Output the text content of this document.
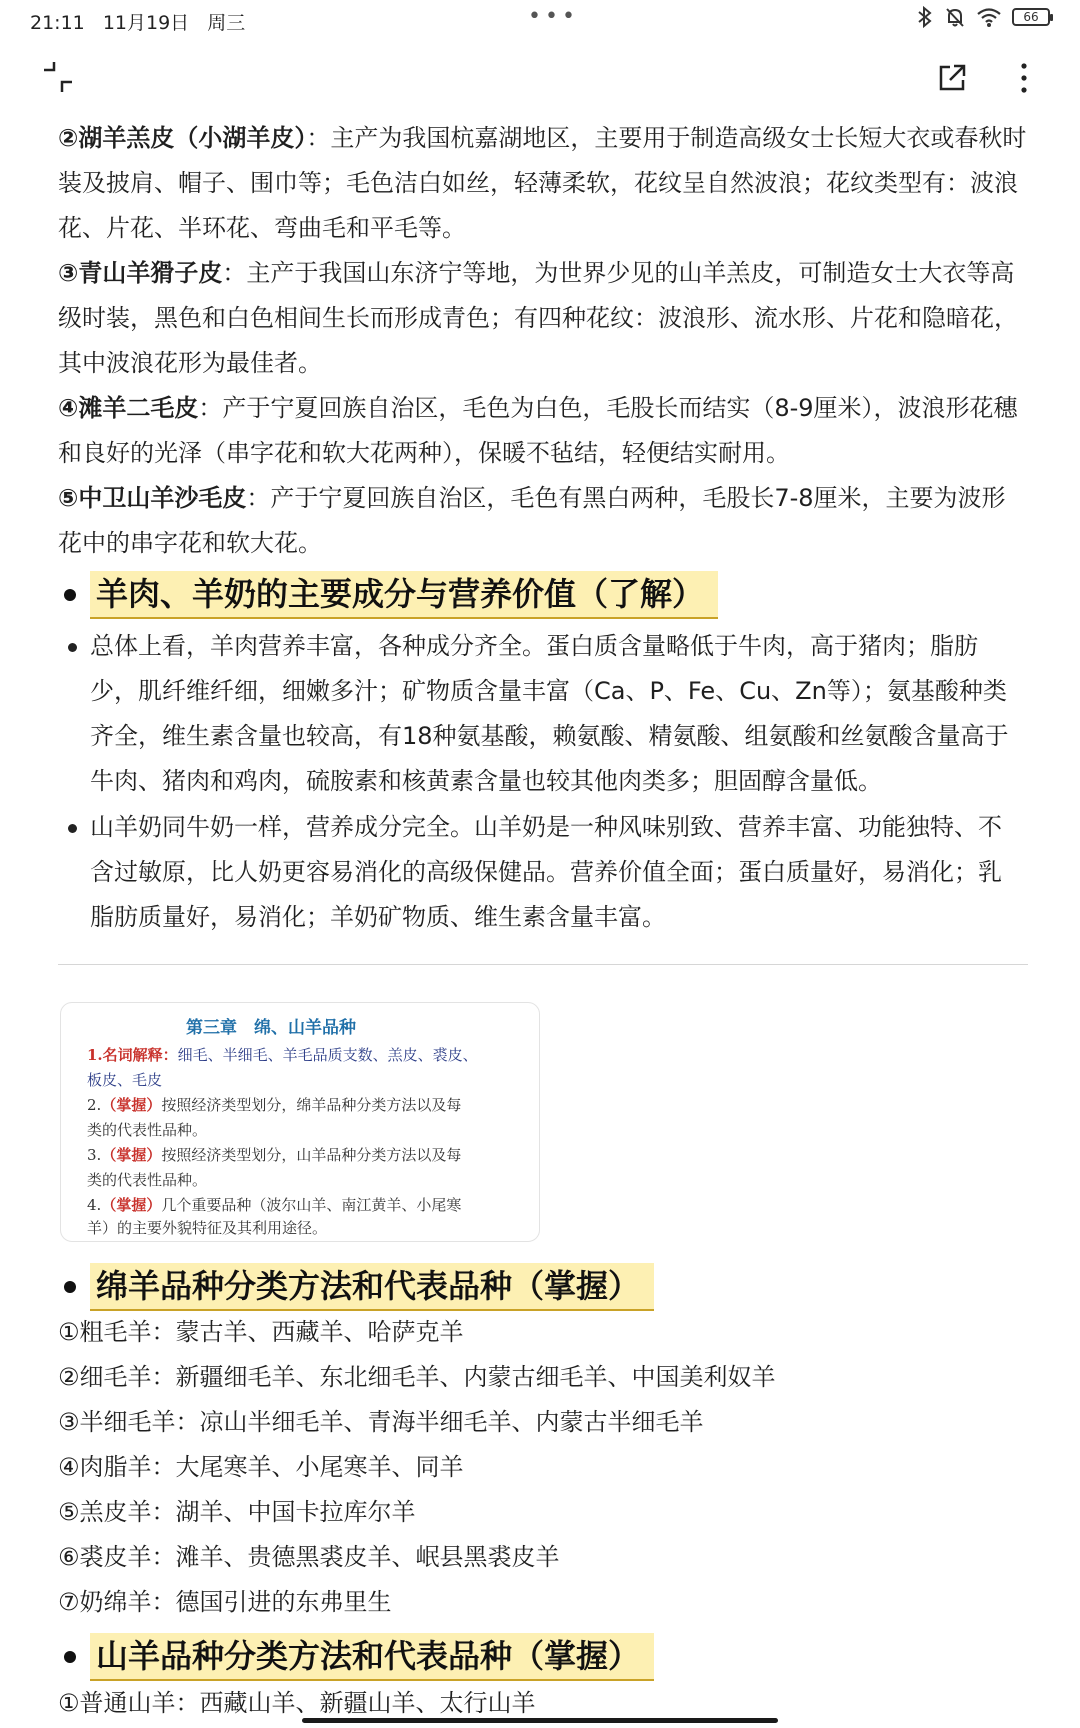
21:11 11月19日 周三	•••	66
②湖羊羔皮（小湖羊皮）：主产为我国杭嘉湖地区，主要用于制造高级女士长短大衣或春秋时装及披肩、帽子、围巾等；毛色洁白如丝，轻薄柔软，花纹呈自然波浪；花纹类型有：波浪花、片花、半环花、弯曲毛和平毛等。
③青山羊猾子皮：主产于我国山东济宁等地，为世界少见的山羊羔皮，可制造女士大衣等高级时装，黑色和白色相间生长而形成青色；有四种花纹：波浪形、流水形、片花和隐暗花，其中波浪花形为最佳者。
④滩羊二毛皮：产于宁夏回族自治区，毛色为白色，毛股长而结实（8-9厘米），波浪形花穗和良好的光泽（串字花和软大花两种），保暖不毡结，轻便结实耐用。
⑤中卫山羊沙毛皮：产于宁夏回族自治区，毛色有黑白两种，毛股长7-8厘米，主要为波形花中的串字花和软大花。
羊肉、羊奶的主要成分与营养价值（了解）
总体上看，羊肉营养丰富，各种成分齐全。蛋白质含量略低于牛肉，高于猪肉；脂肪少，肌纤维纤细，细嫩多汁；矿物质含量丰富（Ca、P、Fe、Cu、Zn等）；氨基酸种类齐全，维生素含量也较高，有18种氨基酸，赖氨酸、精氨酸、组氨酸和丝氨酸含量高于牛肉、猪肉和鸡肉，硫胺素和核黄素含量也较其他肉类多；胆固醇含量低。
山羊奶同牛奶一样，营养成分完全。山羊奶是一种风味别致、营养丰富、功能独特、不含过敏原，比人奶更容易消化的高级保健品。营养价值全面；蛋白质量好，易消化；乳脂肪质量好，易消化；羊奶矿物质、维生素含量丰富。
第三章　绵、山羊品种
1.名词解释：细毛、半细毛、羊毛品质支数、羔皮、裘皮、
板皮、毛皮
2.（掌握）按照经济类型划分，绵羊品种分类方法以及每
类的代表性品种。
3.（掌握）按照经济类型划分，山羊品种分类方法以及每
类的代表性品种。
4.（掌握）几个重要品种（波尔山羊、南江黄羊、小尾寒
羊）的主要外貌特征及其利用途径。
绵羊品种分类方法和代表品种（掌握）
①粗毛羊：蒙古羊、西藏羊、哈萨克羊
②细毛羊：新疆细毛羊、东北细毛羊、内蒙古细毛羊、中国美利奴羊
③半细毛羊：凉山半细毛羊、青海半细毛羊、内蒙古半细毛羊
④肉脂羊：大尾寒羊、小尾寒羊、同羊
⑤羔皮羊：湖羊、中国卡拉库尔羊
⑥裘皮羊：滩羊、贵德黑裘皮羊、岷县黑裘皮羊
⑦奶绵羊：德国引进的东弗里生
山羊品种分类方法和代表品种（掌握）
①普通山羊：西藏山羊、新疆山羊、太行山羊
